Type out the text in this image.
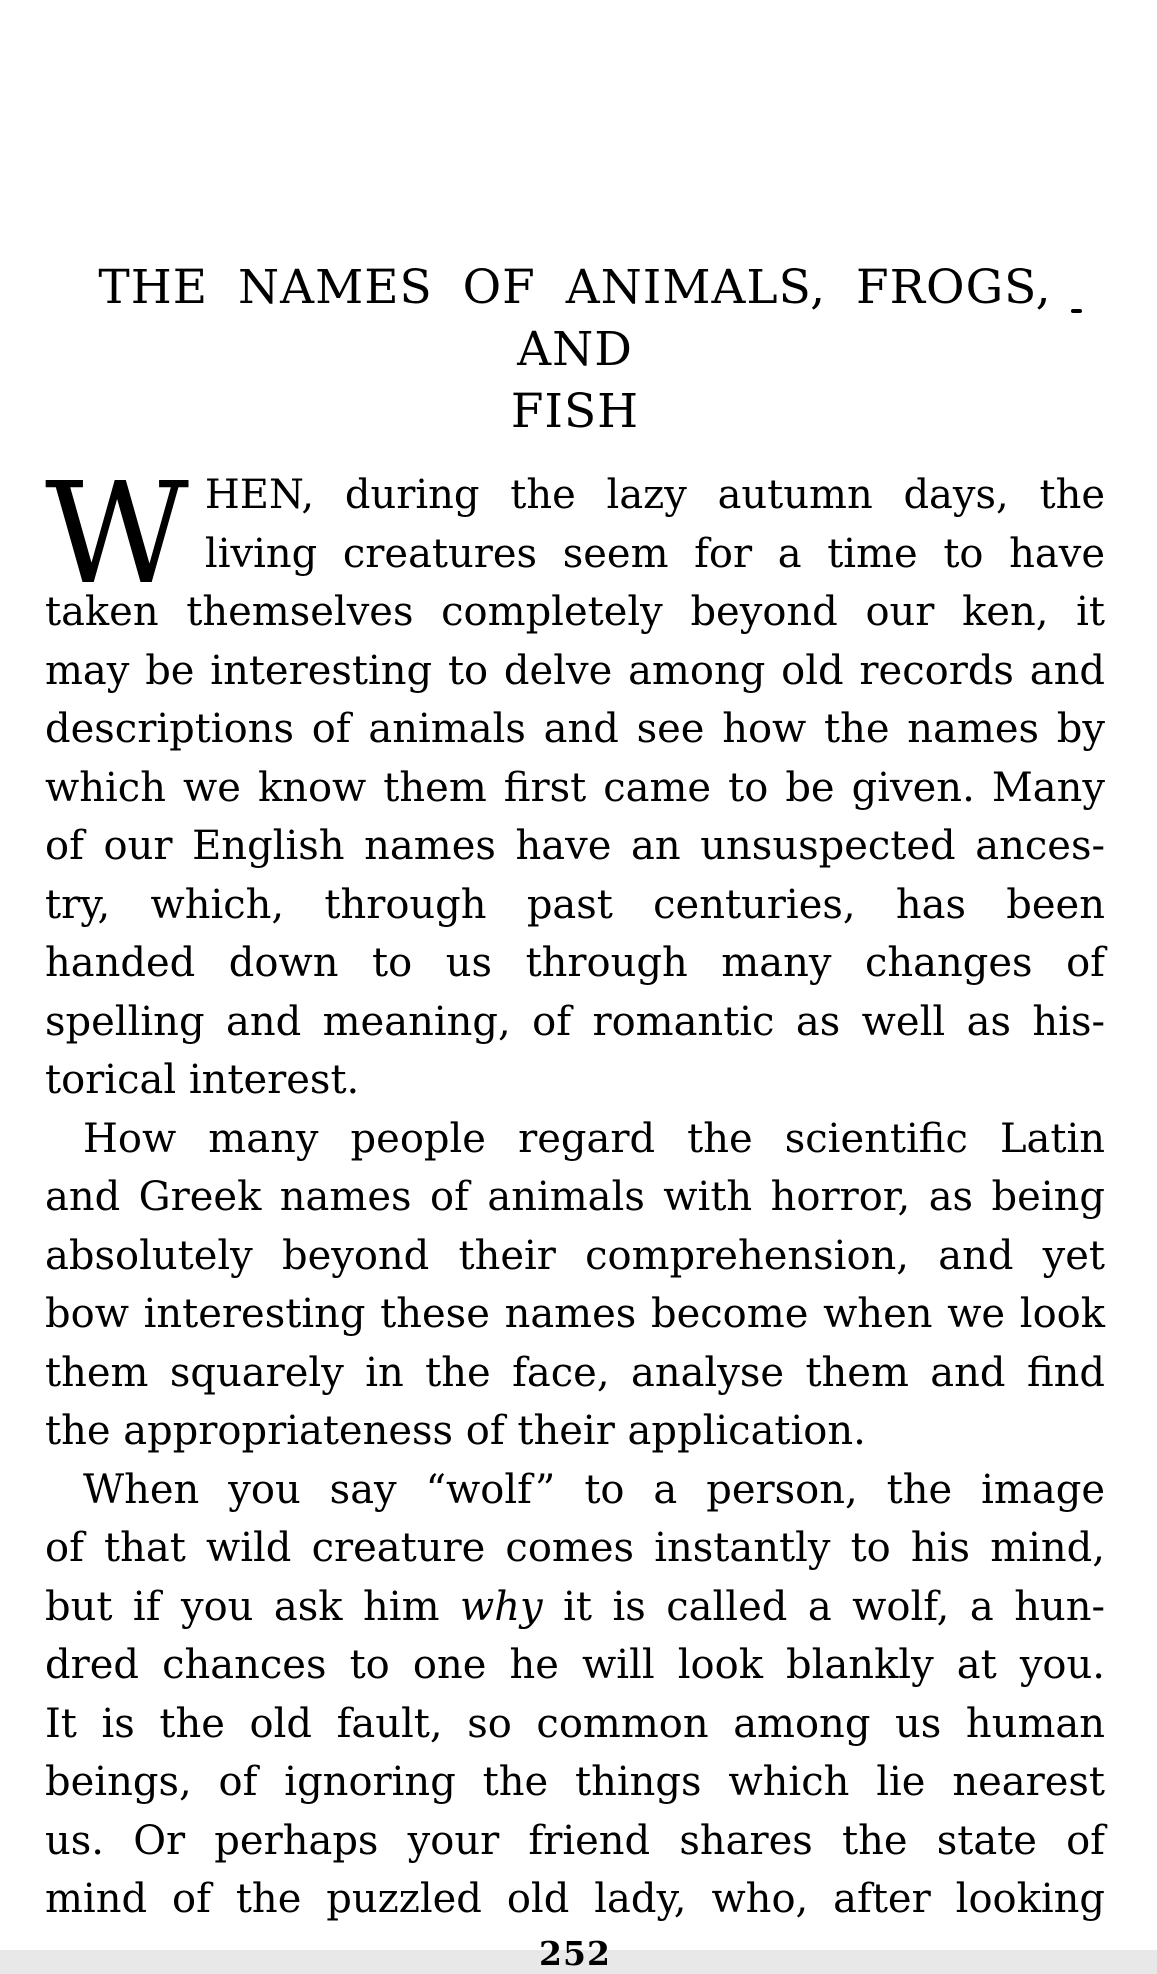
THE NAMES OF ANIMALS, FROGS, AND
FISH
W HEN, during the lazy autumn days, the
living creatures seem for a time to have
taken themselves completely beyond our ken, it
may be interesting to delve among old records and
descriptions of animals and see how the names by
which we know them first came to be given. Many
of our English names have an unsuspected ances-
try, which, through past centuries, has been
handed down to us through many changes of
spelling and meaning, of romantic as well as his-
torical interest.
How many people regard the scientific Latin
and Greek names of animals with horror, as being
absolutely beyond their comprehension, and yet
bow interesting these names become when we look
them squarely in the face, analyse them and find
the appropriateness of their application.
When you say “wolf” to a person, the image
of that wild creature comes instantly to his mind,
but if you ask him why it is called a wolf, a hun-
dred chances to one he will look blankly at you.
It is the old fault, so common among us human
beings, of ignoring the things which lie nearest
us. Or perhaps your friend shares the state of
mind of the puzzled old lady, who, after looking
252
